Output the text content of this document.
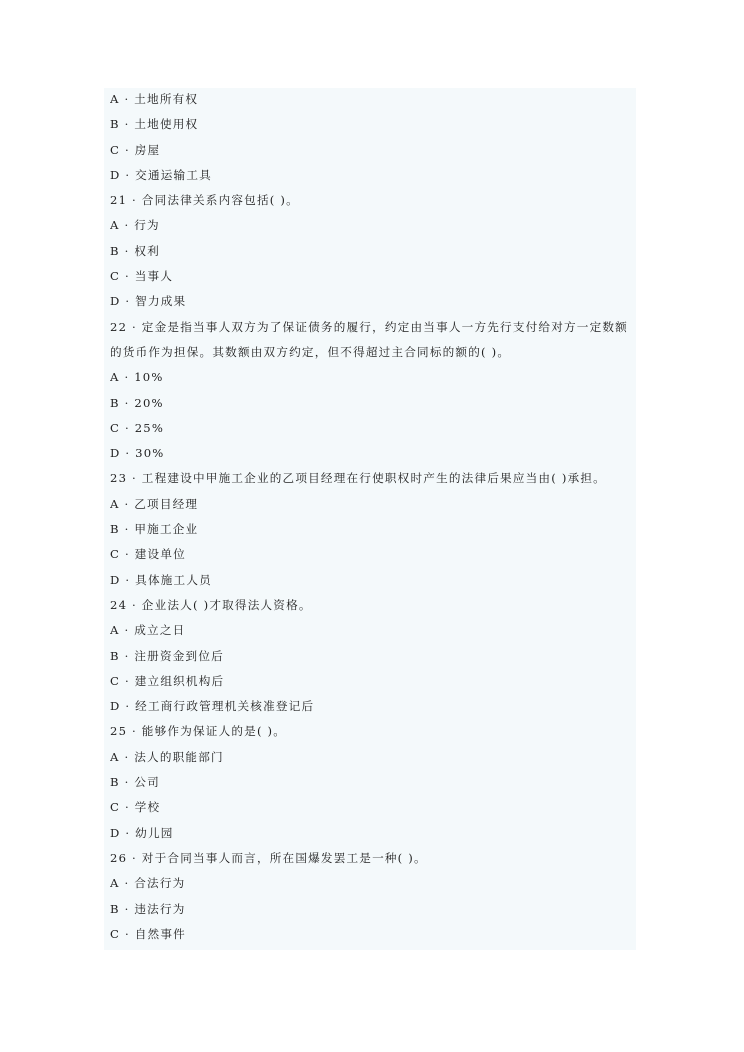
A · 土地所有权
B · 土地使用权
C · 房屋
D · 交通运输工具
21 · 合同法律关系内容包括( )。
A · 行为
B · 权利
C · 当事人
D · 智力成果
22 · 定金是指当事人双方为了保证债务的履行，约定由当事人一方先行支付给对方一定数额
的货币作为担保。其数额由双方约定，但不得超过主合同标的额的( )。
A · 10%
B · 20%
C · 25%
D · 30%
23 · 工程建设中甲施工企业的乙项目经理在行使职权时产生的法律后果应当由( )承担。
A · 乙项目经理
B · 甲施工企业
C · 建设单位
D · 具体施工人员
24 · 企业法人( )才取得法人资格。
A · 成立之日
B · 注册资金到位后
C · 建立组织机构后
D · 经工商行政管理机关核准登记后
25 · 能够作为保证人的是( )。
A · 法人的职能部门
B · 公司
C · 学校
D · 幼儿园
26 · 对于合同当事人而言，所在国爆发罢工是一种( )。
A · 合法行为
B · 违法行为
C · 自然事件
